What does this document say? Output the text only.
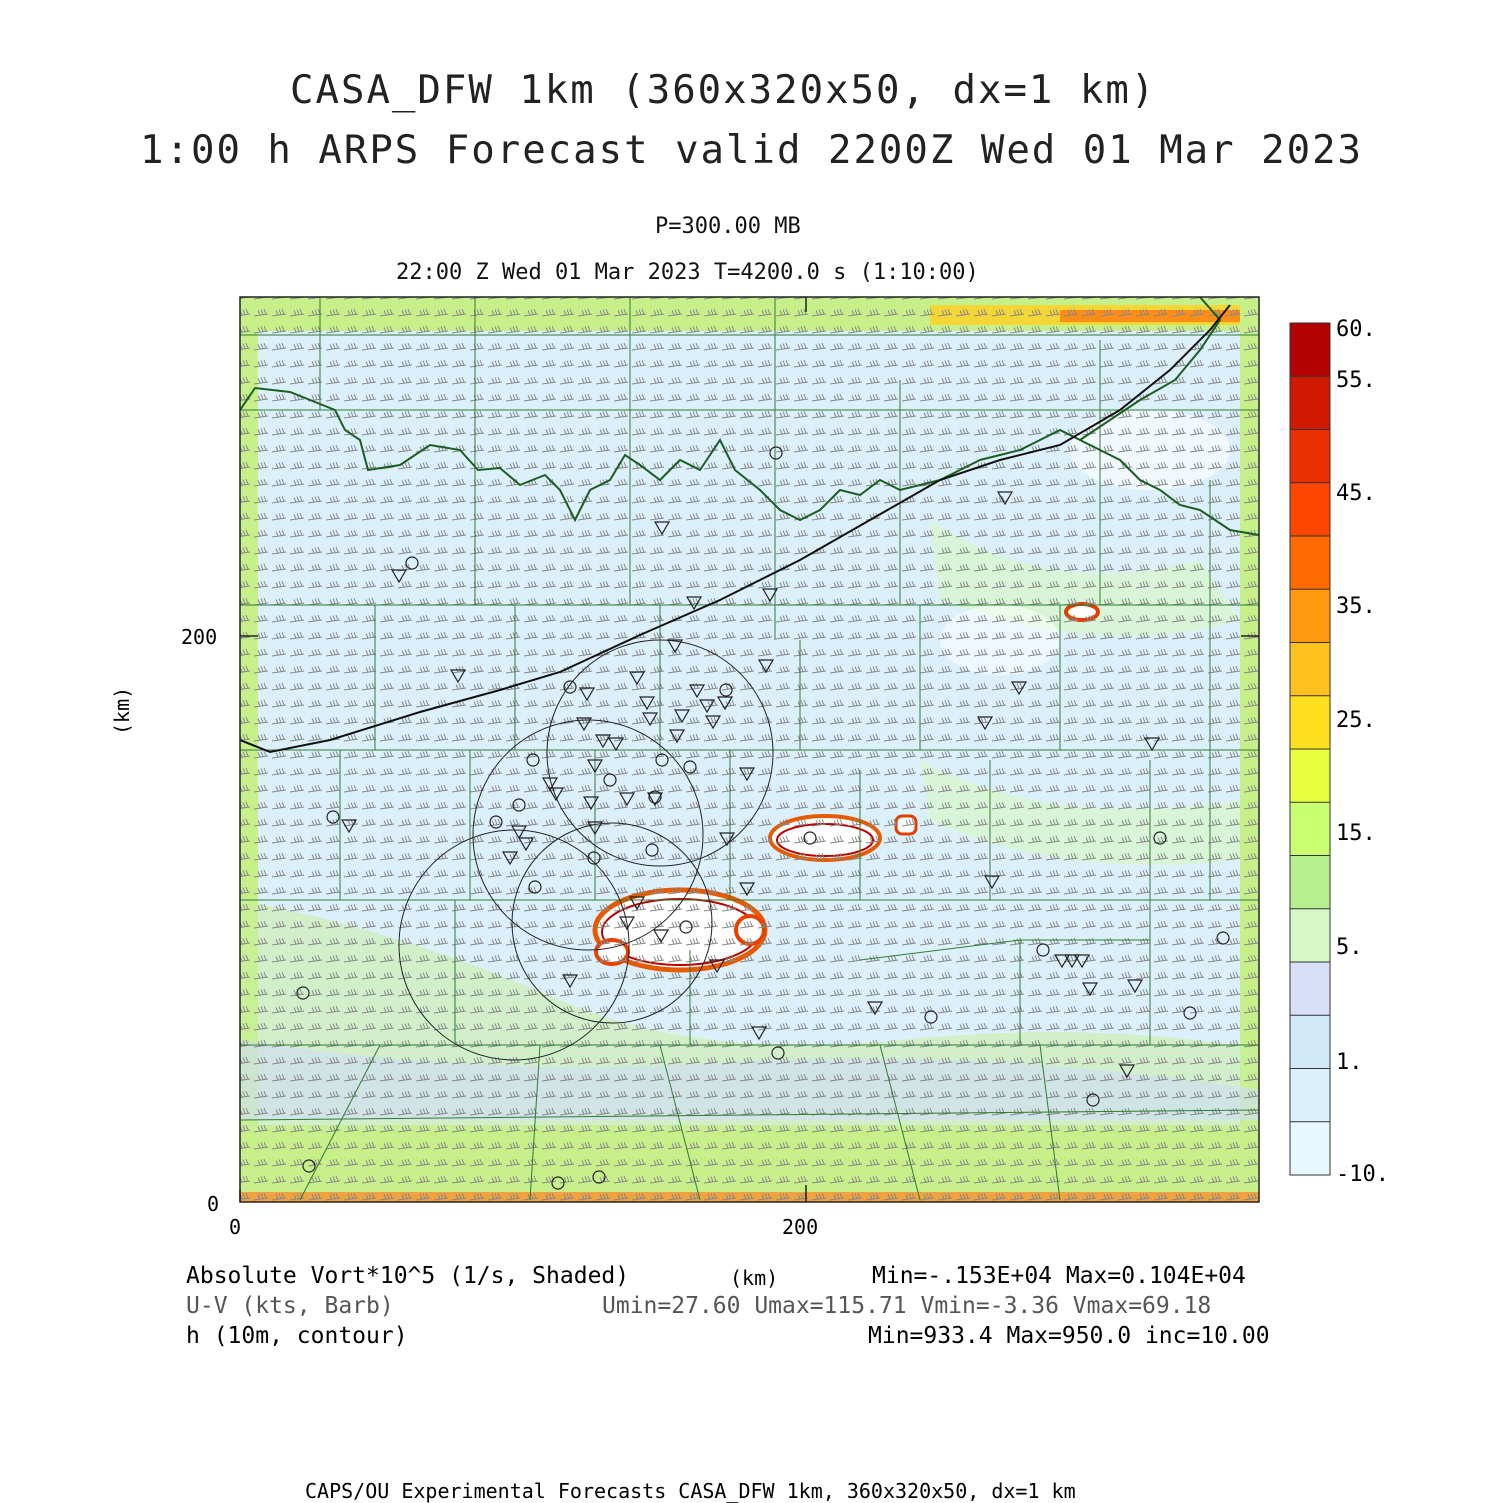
CASA_DFW 1km (360x320x50, dx=1 km)
1:00 h ARPS Forecast valid 2200Z Wed 01 Mar 2023
P=300.00 MB
22:00 Z Wed 01 Mar 2023 T=4200.0 s (1:10:00)
0	200
0
200
(km)
60.
55.
45.
35.
25.
15.
5.
1.
-10.
Absolute Vort*10^5 (1/s, Shaded)	(km)	Min=-.153E+04 Max=0.104E+04
U-V (kts, Barb)	Umin=27.60 Umax=115.71 Vmin=-3.36 Vmax=69.18
h (10m, contour)	Min=933.4 Max=950.0 inc=10.00
CAPS/OU Experimental Forecasts CASA_DFW 1km, 360x320x50, dx=1 km
